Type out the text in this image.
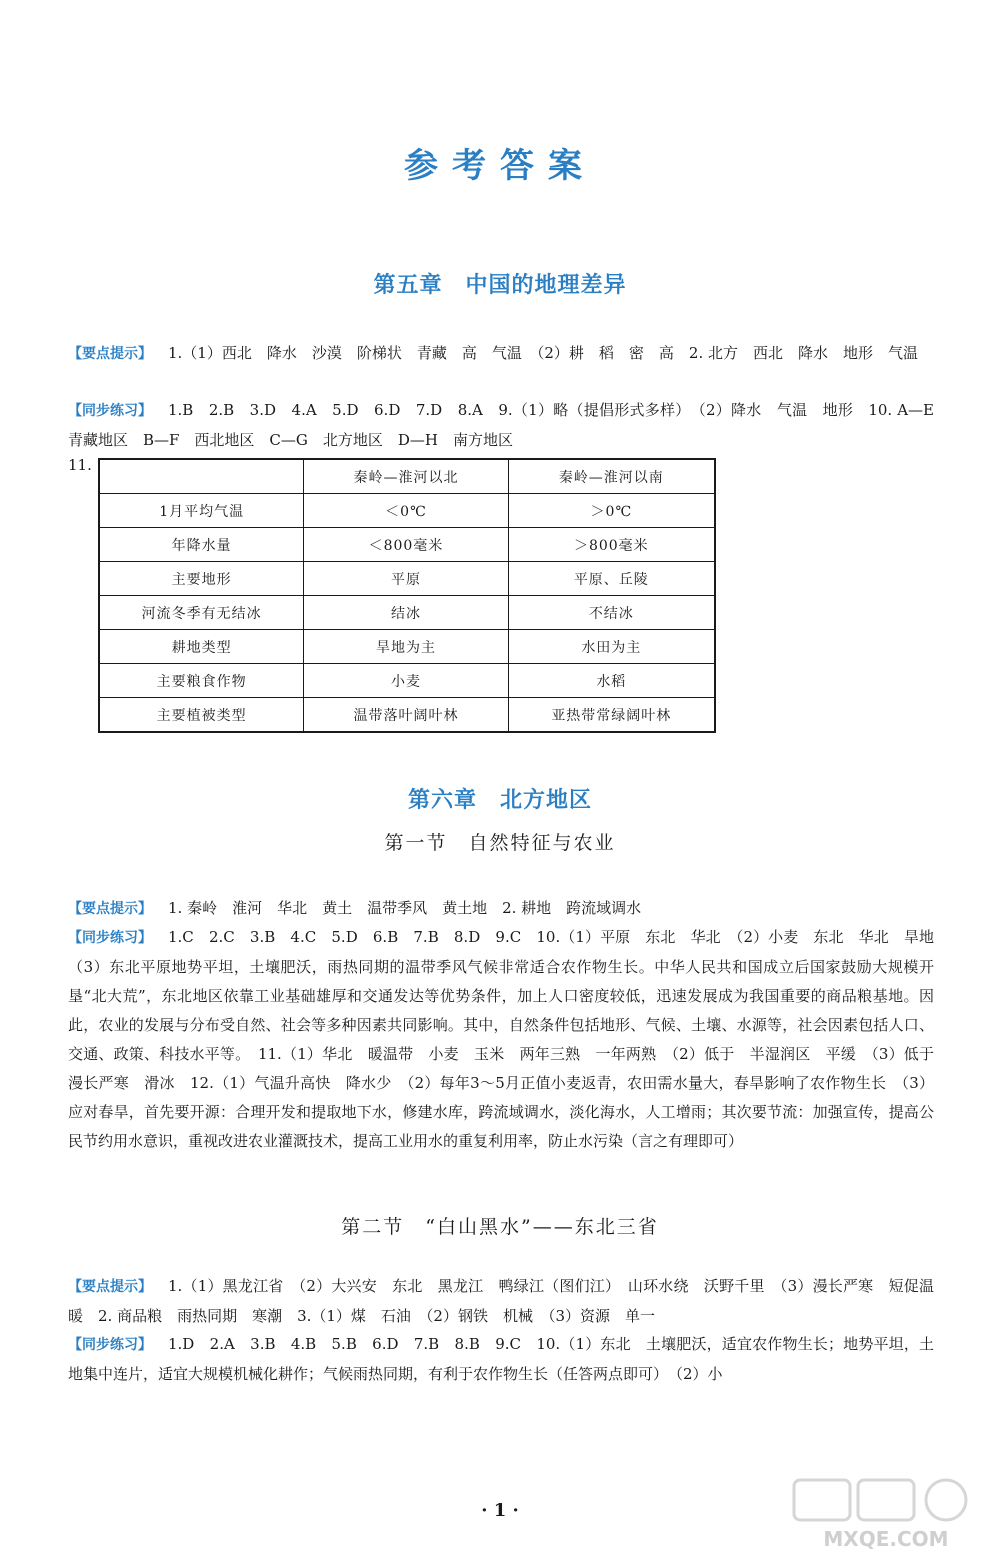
参考答案
第五章　中国的地理差异
【要点提示】 1.（1）西北　降水　沙漠　阶梯状　青藏　高　气温　（2）耕　稻　密　高　2. 北方　西北　降水　地形　气温
【同步练习】 1.B　2.B　3.D　4.A　5.D　6.D　7.D　8.A　9.（1）略（提倡形式多样）　（2）降水　气温　地形　10. A—E　青藏地区　B—F　西北地区　C—G　北方地区　D—H　南方地区
11.
	秦岭—淮河以北	秦岭—淮河以南
1月平均气温	＜0℃	＞0℃
年降水量	＜800毫米	＞800毫米
主要地形	平原	平原、丘陵
河流冬季有无结冰	结冰	不结冰
耕地类型	旱地为主	水田为主
主要粮食作物	小麦	水稻
主要植被类型	温带落叶阔叶林	亚热带常绿阔叶林
第六章　北方地区
第一节　自然特征与农业
【要点提示】 1. 秦岭　淮河　华北　黄土　温带季风　黄土地　2. 耕地　跨流域调水
【同步练习】 1.C　2.C　3.B　4.C　5.D　6.B　7.B　8.D　9.C　10.（1）平原　东北　华北　（2）小麦　东北　华北　旱地　（3）东北平原地势平坦，土壤肥沃，雨热同期的温带季风气候非常适合农作物生长。中华人民共和国成立后国家鼓励大规模开垦“北大荒”，东北地区依靠工业基础雄厚和交通发达等优势条件，加上人口密度较低，迅速发展成为我国重要的商品粮基地。因此，农业的发展与分布受自然、社会等多种因素共同影响。其中，自然条件包括地形、气候、土壤、水源等，社会因素包括人口、交通、政策、科技水平等。　11.（1）华北　暖温带　小麦　玉米　两年三熟　一年两熟　（2）低于　半湿润区　平缓　（3）低于　漫长严寒　滑冰　12.（1）气温升高快　降水少　（2）每年3～5月正值小麦返青，农田需水量大，春旱影响了农作物生长　（3）应对春旱，首先要开源：合理开发和提取地下水，修建水库，跨流域调水，淡化海水，人工增雨；其次要节流：加强宣传，提高公民节约用水意识，重视改进农业灌溉技术，提高工业用水的重复利用率，防止水污染（言之有理即可）
第二节　“白山黑水”——东北三省
【要点提示】 1.（1）黑龙江省　（2）大兴安　东北　黑龙江　鸭绿江（图们江）　山环水绕　沃野千里　（3）漫长严寒　短促温暖　2. 商品粮　雨热同期　寒潮　3.（1）煤　石油　（2）钢铁　机械　（3）资源　单一
【同步练习】 1.D　2.A　3.B　4.B　5.B　6.D　7.B　8.B　9.C　10.（1）东北　土壤肥沃，适宜农作物生长；地势平坦，土地集中连片，适宜大规模机械化耕作；气候雨热同期，有利于农作物生长（任答两点即可）　（2）小
· 1 ·
MXQE.COM
